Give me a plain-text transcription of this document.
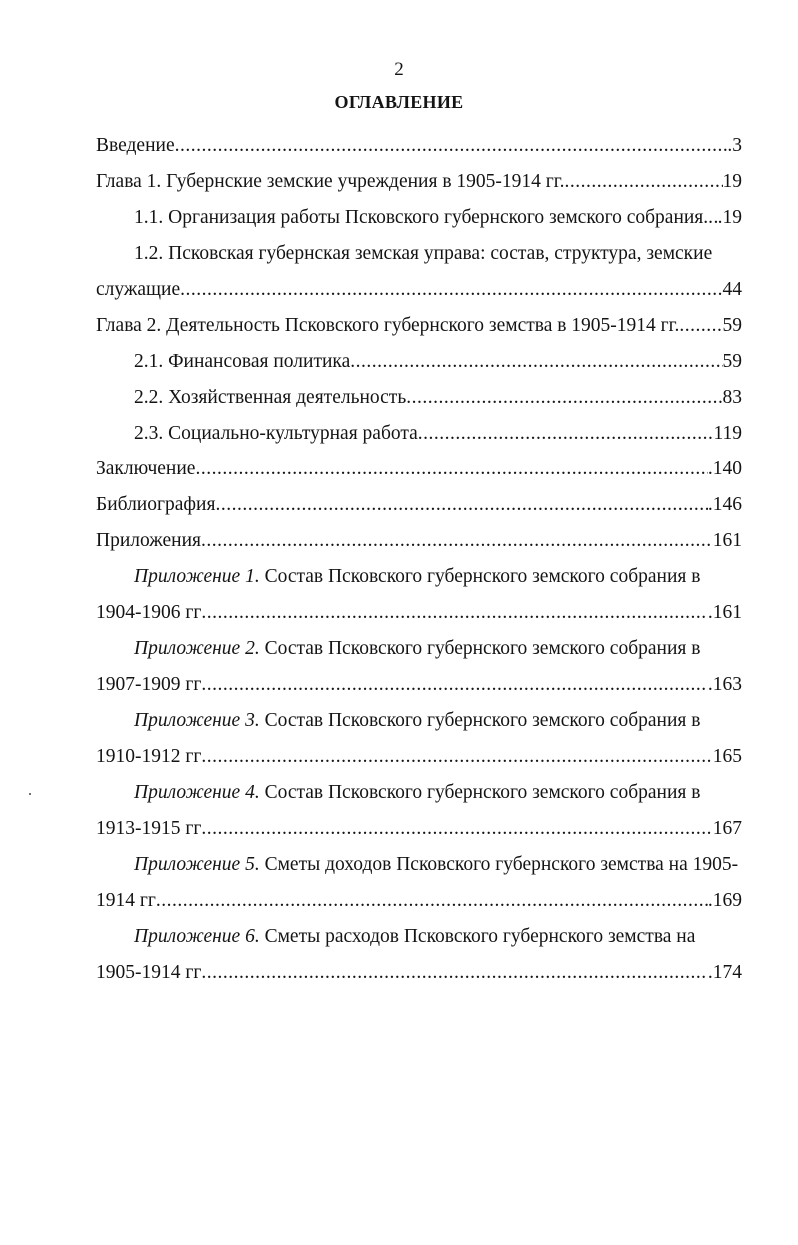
2
ОГЛАВЛЕНИЕ
Введение .....	.3
Глава 1. Губернские земские учреждения в 1905-1914 гг. .....	19
1.1. Организация работы Псковского губернского земского собрания. ..... .19
1.2. Псковская губернская земская управа: состав, структура, земские
служащие .....	.44
Глава 2. Деятельность Псковского губернского земства в 1905-1914 гг. ..... 59
2.1. Финансовая политика .....	59
2.2. Хозяйственная деятельность .....	83
2.3. Социально-культурная работа .....	119
Заключение .....	.140
Библиография .....	.146
Приложения .....	161
Приложение 1. Состав Псковского губернского земского собрания в
1904-1906 гг .....	.161
Приложение 2. Состав Псковского губернского земского собрания в
1907-1909 гг .....	.163
Приложение 3. Состав Псковского губернского земского собрания в
1910-1912 гг .....	165
Приложение 4. Состав Псковского губернского земского собрания в
1913-1915 гг .....	167
Приложение 5. Сметы доходов Псковского губернского земства на 1905-
1914 гг .....	.169
Приложение 6. Сметы расходов Псковского губернского земства на
1905-1914 гг .....	.174
